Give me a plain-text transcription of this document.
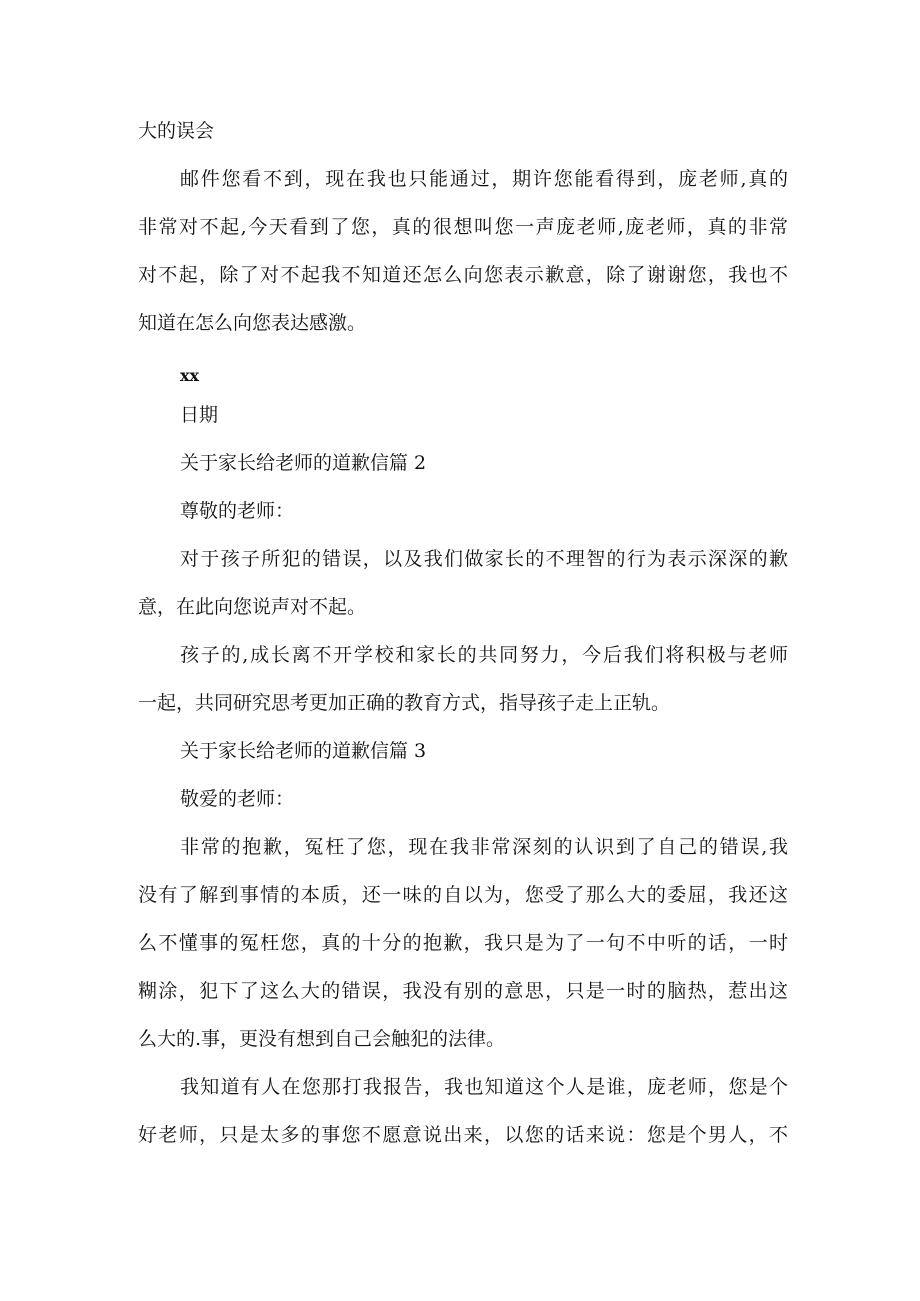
大的误会
邮件您看不到，现在我也只能通过，期许您能看得到，庞老师,真的
非常对不起,今天看到了您，真的很想叫您一声庞老师,庞老师，真的非常
对不起，除了对不起我不知道还怎么向您表示歉意，除了谢谢您，我也不
知道在怎么向您表达感激。
xx
日期
关于家长给老师的道歉信篇 2
尊敬的老师：
对于孩子所犯的错误，以及我们做家长的不理智的行为表示深深的歉
意，在此向您说声对不起。
孩子的,成长离不开学校和家长的共同努力，今后我们将积极与老师
一起，共同研究思考更加正确的教育方式，指导孩子走上正轨。
关于家长给老师的道歉信篇 3
敬爱的老师：
非常的抱歉，冤枉了您，现在我非常深刻的认识到了自己的错误,我
没有了解到事情的本质，还一味的自以为，您受了那么大的委屈，我还这
么不懂事的冤枉您，真的十分的抱歉，我只是为了一句不中听的话，一时
糊涂，犯下了这么大的错误，我没有别的意思，只是一时的脑热，惹出这
么大的.事，更没有想到自己会触犯的法律。
我知道有人在您那打我报告，我也知道这个人是谁，庞老师，您是个
好老师，只是太多的事您不愿意说出来，以您的话来说：您是个男人，不
